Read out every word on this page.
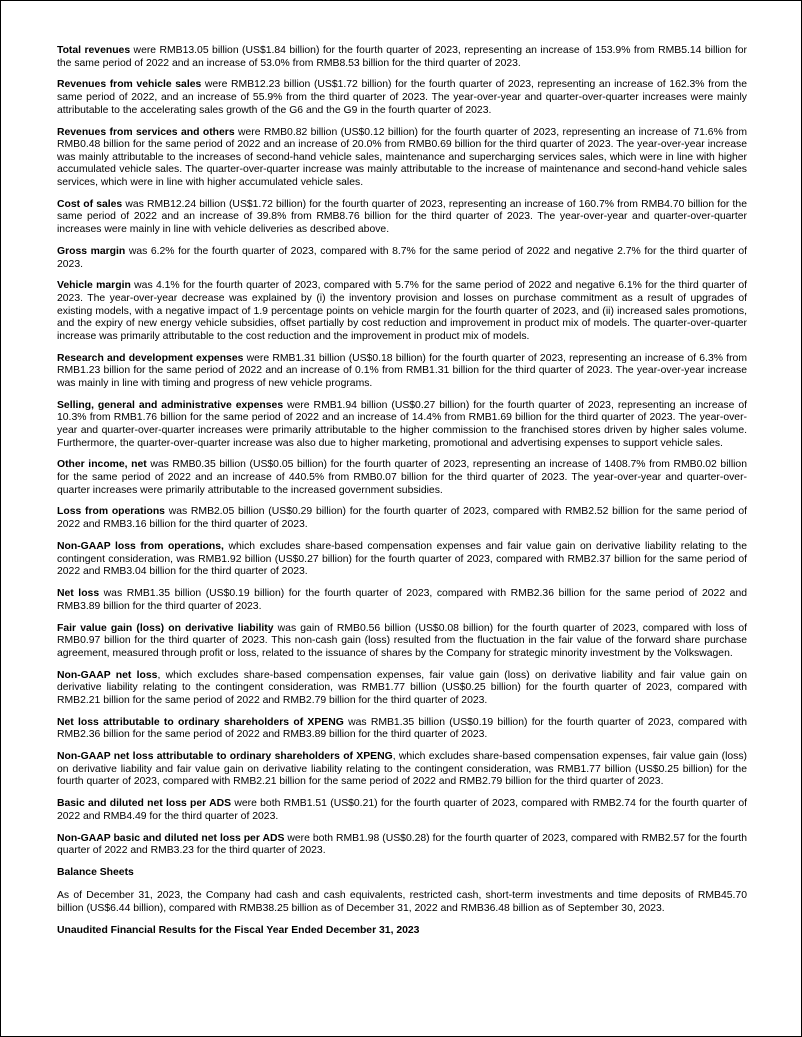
Total revenues were RMB13.05 billion (US$1.84 billion) for the fourth quarter of 2023, representing an increase of 153.9% from RMB5.14 billion for the same period of 2022 and an increase of 53.0% from RMB8.53 billion for the third quarter of 2023.

Revenues from vehicle sales were RMB12.23 billion (US$1.72 billion) for the fourth quarter of 2023, representing an increase of 162.3% from the same period of 2022, and an increase of 55.9% from the third quarter of 2023. The year-over-year and quarter-over-quarter increases were mainly attributable to the accelerating sales growth of the G6 and the G9 in the fourth quarter of 2023.

Revenues from services and others were RMB0.82 billion (US$0.12 billion) for the fourth quarter of 2023, representing an increase of 71.6% from RMB0.48 billion for the same period of 2022 and an increase of 20.0% from RMB0.69 billion for the third quarter of 2023. The year-over-year increase was mainly attributable to the increases of second-hand vehicle sales, maintenance and supercharging services sales, which were in line with higher accumulated vehicle sales. The quarter-over-quarter increase was mainly attributable to the increase of maintenance and second-hand vehicle sales services, which were in line with higher accumulated vehicle sales.

Cost of sales was RMB12.24 billion (US$1.72 billion) for the fourth quarter of 2023, representing an increase of 160.7% from RMB4.70 billion for the same period of 2022 and an increase of 39.8% from RMB8.76 billion for the third quarter of 2023. The year-over-year and quarter-over-quarter increases were mainly in line with vehicle deliveries as described above.

Gross margin was 6.2% for the fourth quarter of 2023, compared with 8.7% for the same period of 2022 and negative 2.7% for the third quarter of 2023.

Vehicle margin was 4.1% for the fourth quarter of 2023, compared with 5.7% for the same period of 2022 and negative 6.1% for the third quarter of 2023. The year-over-year decrease was explained by (i) the inventory provision and losses on purchase commitment as a result of upgrades of existing models, with a negative impact of 1.9 percentage points on vehicle margin for the fourth quarter of 2023, and (ii) increased sales promotions, and the expiry of new energy vehicle subsidies, offset partially by cost reduction and improvement in product mix of models. The quarter-over-quarter increase was primarily attributable to the cost reduction and the improvement in product mix of models.

Research and development expenses were RMB1.31 billion (US$0.18 billion) for the fourth quarter of 2023, representing an increase of 6.3% from RMB1.23 billion for the same period of 2022 and an increase of 0.1% from RMB1.31 billion for the third quarter of 2023. The year-over-year increase was mainly in line with timing and progress of new vehicle programs.

Selling, general and administrative expenses were RMB1.94 billion (US$0.27 billion) for the fourth quarter of 2023, representing an increase of 10.3% from RMB1.76 billion for the same period of 2022 and an increase of 14.4% from RMB1.69 billion for the third quarter of 2023. The year-over-year and quarter-over-quarter increases were primarily attributable to the higher commission to the franchised stores driven by higher sales volume. Furthermore, the quarter-over-quarter increase was also due to higher marketing, promotional and advertising expenses to support vehicle sales.

Other income, net was RMB0.35 billion (US$0.05 billion) for the fourth quarter of 2023, representing an increase of 1408.7% from RMB0.02 billion for the same period of 2022 and an increase of 440.5% from RMB0.07 billion for the third quarter of 2023. The year-over-year and quarter-over-quarter increases were primarily attributable to the increased government subsidies.

Loss from operations was RMB2.05 billion (US$0.29 billion) for the fourth quarter of 2023, compared with RMB2.52 billion for the same period of 2022 and RMB3.16 billion for the third quarter of 2023.

Non-GAAP loss from operations, which excludes share-based compensation expenses and fair value gain on derivative liability relating to the contingent consideration, was RMB1.92 billion (US$0.27 billion) for the fourth quarter of 2023, compared with RMB2.37 billion for the same period of 2022 and RMB3.04 billion for the third quarter of 2023.

Net loss was RMB1.35 billion (US$0.19 billion) for the fourth quarter of 2023, compared with RMB2.36 billion for the same period of 2022 and RMB3.89 billion for the third quarter of 2023.

Fair value gain (loss) on derivative liability was gain of RMB0.56 billion (US$0.08 billion) for the fourth quarter of 2023, compared with loss of RMB0.97 billion for the third quarter of 2023. This non-cash gain (loss) resulted from the fluctuation in the fair value of the forward share purchase agreement, measured through profit or loss, related to the issuance of shares by the Company for strategic minority investment by the Volkswagen.

Non-GAAP net loss, which excludes share-based compensation expenses, fair value gain (loss) on derivative liability and fair value gain on derivative liability relating to the contingent consideration, was RMB1.77 billion (US$0.25 billion) for the fourth quarter of 2023, compared with RMB2.21 billion for the same period of 2022 and RMB2.79 billion for the third quarter of 2023.

Net loss attributable to ordinary shareholders of XPENG was RMB1.35 billion (US$0.19 billion) for the fourth quarter of 2023, compared with RMB2.36 billion for the same period of 2022 and RMB3.89 billion for the third quarter of 2023.

Non-GAAP net loss attributable to ordinary shareholders of XPENG, which excludes share-based compensation expenses, fair value gain (loss) on derivative liability and fair value gain on derivative liability relating to the contingent consideration, was RMB1.77 billion (US$0.25 billion) for the fourth quarter of 2023, compared with RMB2.21 billion for the same period of 2022 and RMB2.79 billion for the third quarter of 2023.

Basic and diluted net loss per ADS were both RMB1.51 (US$0.21) for the fourth quarter of 2023, compared with RMB2.74 for the fourth quarter of 2022 and RMB4.49 for the third quarter of 2023.

Non-GAAP basic and diluted net loss per ADS were both RMB1.98 (US$0.28) for the fourth quarter of 2023, compared with RMB2.57 for the fourth quarter of 2022 and RMB3.23 for the third quarter of 2023.

Balance Sheets

As of December 31, 2023, the Company had cash and cash equivalents, restricted cash, short-term investments and time deposits of RMB45.70 billion (US$6.44 billion), compared with RMB38.25 billion as of December 31, 2022 and RMB36.48 billion as of September 30, 2023.

Unaudited Financial Results for the Fiscal Year Ended December 31, 2023
